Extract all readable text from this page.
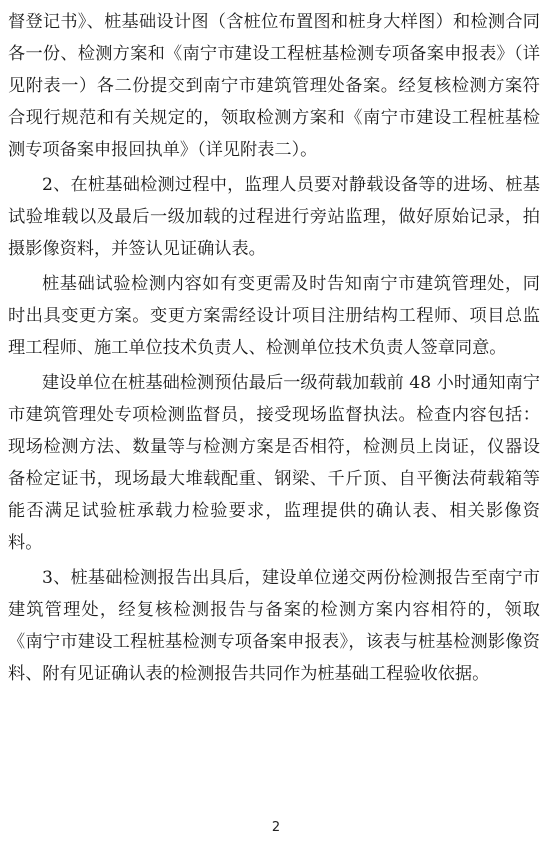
督登记书》、桩基础设计图（含桩位布置图和桩身大样图）和检测合同各一份、检测方案和《南宁市建设工程桩基检测专项备案申报表》（详见附表一）各二份提交到南宁市建筑管理处备案。经复核检测方案符合现行规范和有关规定的，领取检测方案和《南宁市建设工程桩基检测专项备案申报回执单》（详见附表二）。

2、在桩基础检测过程中，监理人员要对静载设备等的进场、桩基试验堆载以及最后一级加载的过程进行旁站监理，做好原始记录，拍摄影像资料，并签认见证确认表。

桩基础试验检测内容如有变更需及时告知南宁市建筑管理处，同时出具变更方案。变更方案需经设计项目注册结构工程师、项目总监理工程师、施工单位技术负责人、检测单位技术负责人签章同意。

建设单位在桩基础检测预估最后一级荷载加载前 48 小时通知南宁市建筑管理处专项检测监督员，接受现场监督执法。检查内容包括：现场检测方法、数量等与检测方案是否相符，检测员上岗证，仪器设备检定证书，现场最大堆载配重、钢梁、千斤顶、自平衡法荷载箱等能否满足试验桩承载力检验要求，监理提供的确认表、相关影像资料。

3、桩基础检测报告出具后，建设单位递交两份检测报告至南宁市建筑管理处，经复核检测报告与备案的检测方案内容相符的，领取《南宁市建设工程桩基检测专项备案申报表》，该表与桩基检测影像资料、附有见证确认表的检测报告共同作为桩基础工程验收依据。

2
